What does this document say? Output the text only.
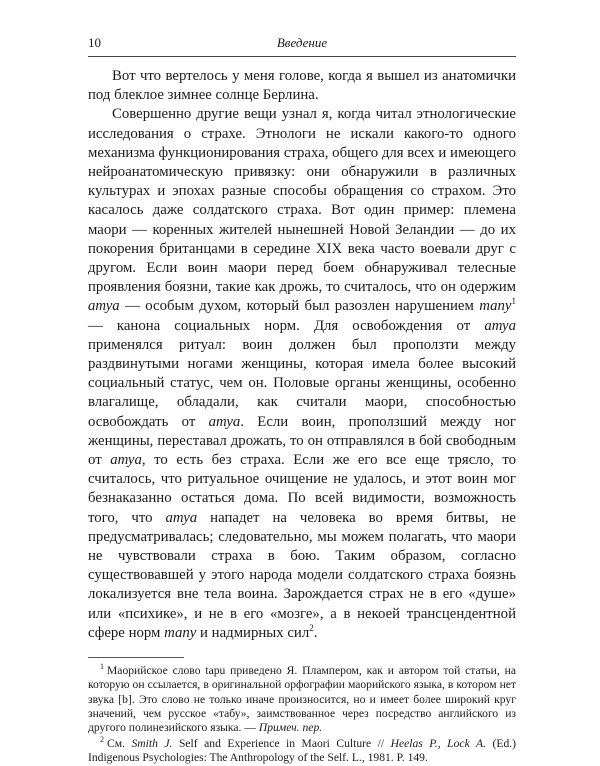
10	Введение

Вот что вертелось у меня голове, когда я вышел из анатомички под блеклое зимнее солнце Берлина.

Совершенно другие вещи узнал я, когда читал этнологические исследования о страхе. Этнологи не искали какого-то одного механизма функционирования страха, общего для всех и имеющего нейроанатомическую привязку: они обнаружили в различных культурах и эпохах разные способы обращения со страхом. Это касалось даже солдатского страха. Вот один пример: племена маори — коренных жителей нынешней Новой Зеландии — до их покорения британцами в середине XIX века часто воевали друг с другом. Если воин маори перед боем обнаруживал телесные проявления боязни, такие как дрожь, то считалось, что он одержим атуа — особым духом, который был разозлен нарушением тапу$^1$ — канона социальных норм. Для освобождения от атуа применялся ритуал: воин должен был проползти между раздвинутыми ногами женщины, которая имела более высокий социальный статус, чем он. Половые органы женщины, особенно влагалище, обладали, как считали маори, способностью освобождать от атуа. Если воин, проползший между ног женщины, переставал дрожать, то он отправлялся в бой свободным от атуа, то есть без страха. Если же его все еще трясло, то считалось, что ритуальное очищение не удалось, и этот воин мог безнаказанно остаться дома. По всей видимости, возможность того, что атуа нападет на человека во время битвы, не предусматривалась; следовательно, мы можем полагать, что маори не чувствовали страха в бою. Таким образом, согласно существовавшей у этого народа модели солдатского страха боязнь локализуется вне тела воина. Зарождается страх не в его «душе» или «психике», и не в его «мозге», а в некоей трансцендентной сфере норм тапу и надмирных сил$^2$.

$^1$ Маорийское слово tapu приведено Я. Плампером, как и автором той статьи, на которую он ссылается, в оригинальной орфографии маорийского языка, в котором нет звука [b]. Это слово не только иначе произносится, но и имеет более широкий круг значений, чем русское «табу», заимствованное через посредство английского из другого полинезийского языка. — Примеч. пер.

$^2$ См. Smith J. Self and Experience in Maori Culture // Heelas P., Lock A. (Ed.) Indigenous Psychologies: The Anthropology of the Self. L., 1981. P. 149.
